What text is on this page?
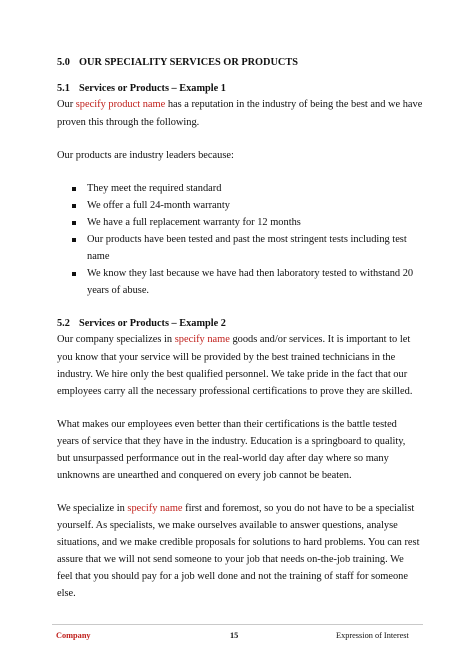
5.0 OUR SPECIALITY SERVICES OR PRODUCTS
5.1 Services or Products – Example 1
Our specify product name has a reputation in the industry of being the best and we have
proven this through the following.
Our products are industry leaders because:
They meet the required standard
We offer a full 24-month warranty
We have a full replacement warranty for 12 months
Our products have been tested and past the most stringent tests including test
name
We know they last because we have had then laboratory tested to withstand 20
years of abuse.
5.2 Services or Products – Example 2
Our company specializes in specify name goods and/or services. It is important to let
you know that your service will be provided by the best trained technicians in the
industry. We hire only the best qualified personnel. We take pride in the fact that our
employees carry all the necessary professional certifications to prove they are skilled.
What makes our employees even better than their certifications is the battle tested
years of service that they have in the industry. Education is a springboard to quality,
but unsurpassed performance out in the real-world day after day where so many
unknowns are unearthed and conquered on every job cannot be beaten.
We specialize in specify name first and foremost, so you do not have to be a specialist
yourself. As specialists, we make ourselves available to answer questions, analyse
situations, and we make credible proposals for solutions to hard problems. You can rest
assure that we will not send someone to your job that needs on-the-job training. We
feel that you should pay for a job well done and not the training of staff for someone
else.
Company	15	Expression of Interest
